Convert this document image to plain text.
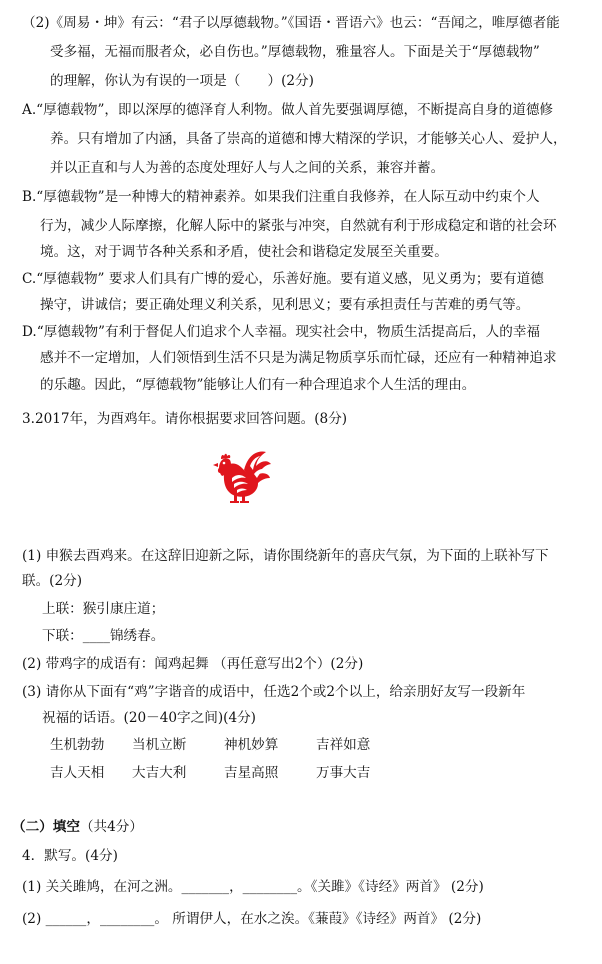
（2)《周易・坤》有云：“君子以厚德载物。”《国语・晋语六》也云：“吾闻之，唯厚德者能
受多福，无福而服者众，必自伤也。”厚德载物，雅量容人。下面是关于“厚德载物”
的理解，你认为有误的一项是（　　）(2分)
A.“厚德载物”，即以深厚的德泽育人利物。做人首先要强调厚德，不断提高自身的道德修
养。只有增加了内涵，具备了崇高的道德和博大精深的学识，才能够关心人、爱护人，
并以正直和与人为善的态度处理好人与人之间的关系，兼容并蓄。
B.“厚德载物”是一种博大的精神素养。如果我们注重自我修养，在人际互动中约束个人
行为，减少人际摩擦，化解人际中的紧张与冲突，自然就有利于形成稳定和谐的社会环
境。这，对于调节各种关系和矛盾，使社会和谐稳定发展至关重要。
C.“厚德载物” 要求人们具有广博的爱心，乐善好施。要有道义感，见义勇为；要有道德
操守，讲诚信；要正确处理义利关系，见利思义；要有承担责任与苦难的勇气等。
D.“厚德载物”有利于督促人们追求个人幸福。现实社会中，物质生活提高后，人的幸福
感并不一定增加，人们领悟到生活不只是为满足物质享乐而忙碌，还应有一种精神追求
的乐趣。因此，“厚德载物”能够让人们有一种合理追求个人生活的理由。
3.2017年，为酉鸡年。请你根据要求回答问题。(8分)
(1) 申猴去酉鸡来。在这辞旧迎新之际，请你围绕新年的喜庆气氛，为下面的上联补写下
联。(2分)
上联：猴引康庄道；
下联：____锦绣春。
(2) 带鸡字的成语有：闻鸡起舞 （再任意写出2个）(2分)
(3) 请你从下面有“鸡”字谐音的成语中，任选2个或2个以上，给亲朋好友写一段新年
祝福的话语。(20－40字之间)(4分)
生机勃勃 当机立断	神机妙算	吉祥如意
吉人天相 大吉大利	吉星高照	万事大吉
（二）填空（共4分）
4．默写。(4分)
(1) 关关雎鸠，在河之洲。_______，________。《关雎》《诗经》两首》 (2分)
(2) ______，________。 所谓伊人，在水之涘。《蒹葭》《诗经》两首》 (2分)
